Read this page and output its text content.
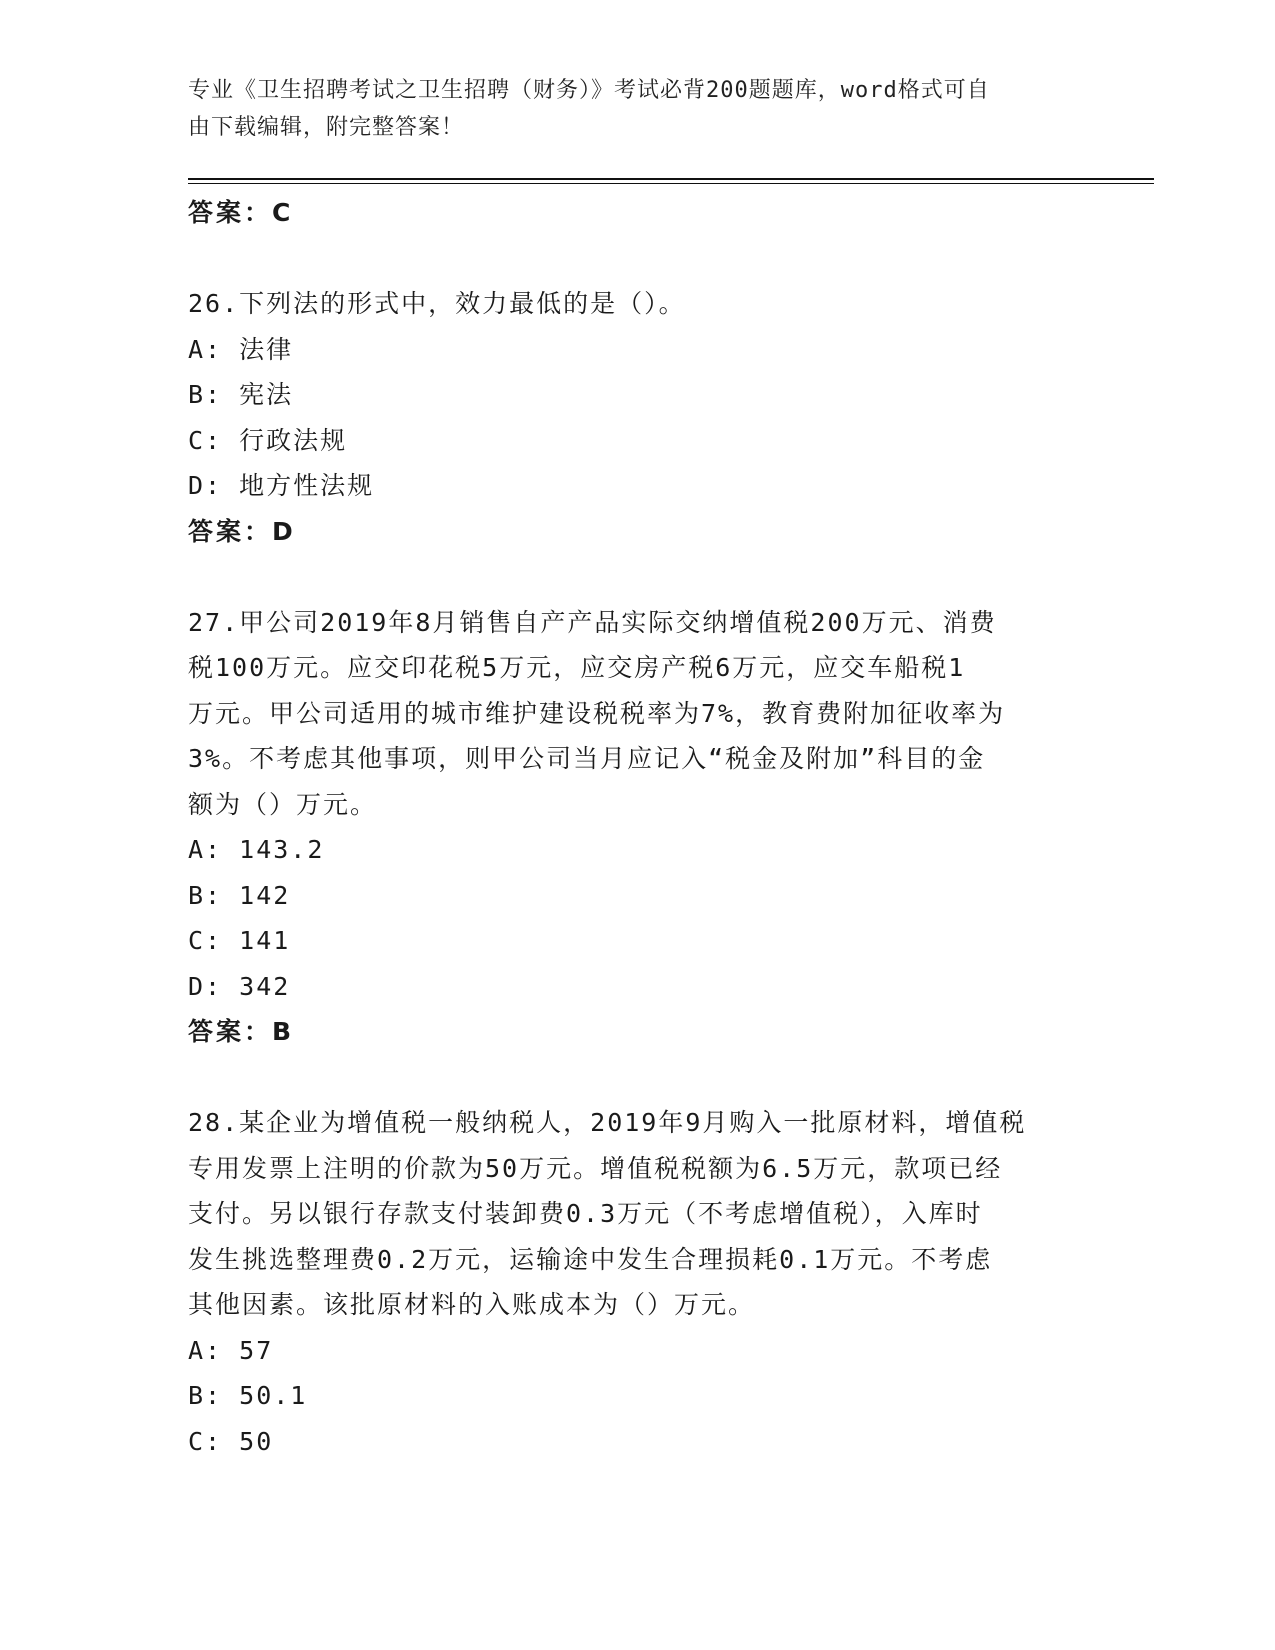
专业《卫生招聘考试之卫生招聘（财务）》考试必背200题题库，word格式可自
由下载编辑，附完整答案！
答案：C
26.下列法的形式中，效力最低的是（）。
A: 法律
B: 宪法
C: 行政法规
D: 地方性法规
答案：D
27.甲公司2019年8月销售自产产品实际交纳增值税200万元、消费
税100万元。应交印花税5万元，应交房产税6万元，应交车船税1
万元。甲公司适用的城市维护建设税税率为7%，教育费附加征收率为
3%。不考虑其他事项，则甲公司当月应记入“税金及附加”科目的金
额为（）万元。
A: 143.2
B: 142
C: 141
D: 342
答案：B
28.某企业为增值税一般纳税人，2019年9月购入一批原材料，增值税
专用发票上注明的价款为50万元。增值税税额为6.5万元，款项已经
支付。另以银行存款支付装卸费0.3万元（不考虑增值税），入库时
发生挑选整理费0.2万元，运输途中发生合理损耗0.1万元。不考虑
其他因素。该批原材料的入账成本为（）万元。
A: 57
B: 50.1
C: 50
